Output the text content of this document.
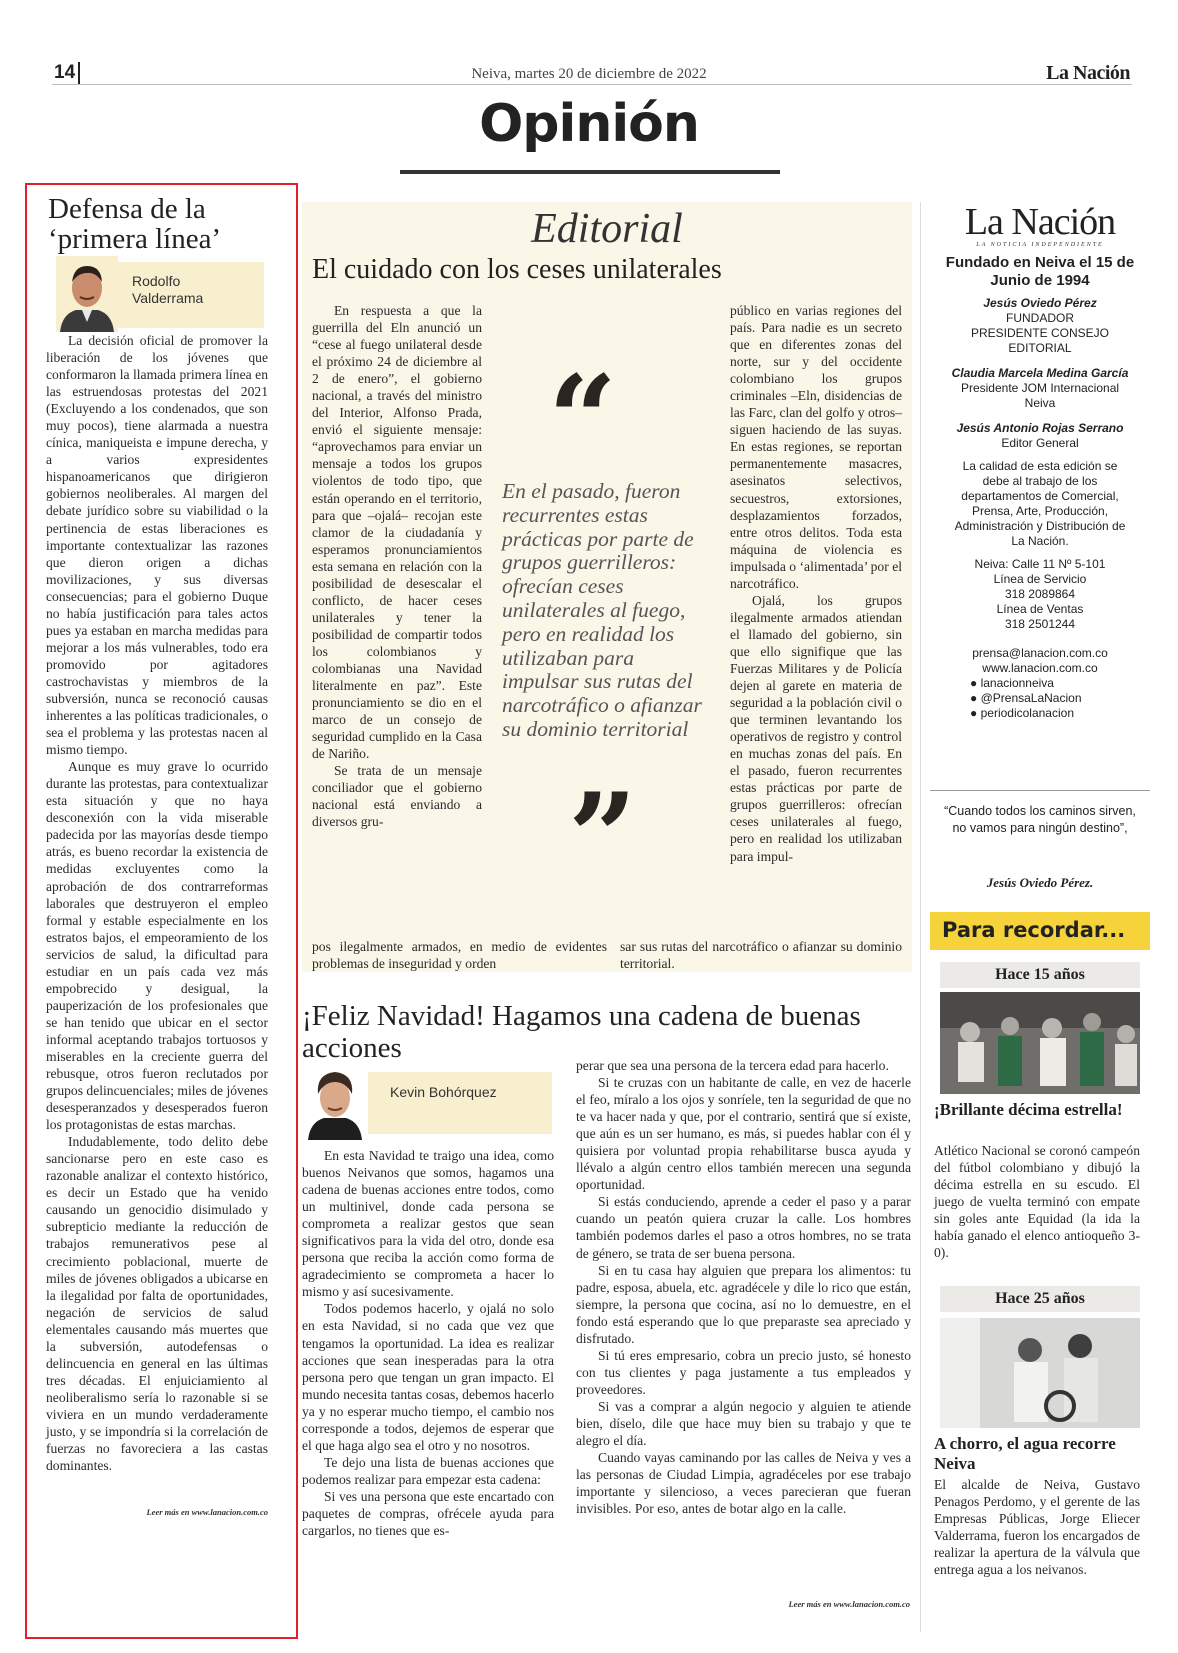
14	Neiva, martes 20 de diciembre de 2022	La Nación
Opinión
Defensa de la ‘primera línea’
Rodolfo Valderrama

La decisión oficial de promover la liberación de los jóvenes que conformaron la llamada primera línea en las estruendosas protestas del 2021 (Excluyendo a los condenados, que son muy pocos), tiene alarmada a nuestra cínica, maniqueista e impune derecha, y a varios expresidentes hispanoamericanos que dirigieron gobiernos neoliberales. Al margen del debate jurídico sobre su viabilidad o la pertinencia de estas liberaciones es importante contextualizar las razones que dieron origen a dichas movilizaciones, y sus diversas consecuencias; para el gobierno Duque no había justificación para tales actos pues ya estaban en marcha medidas para mejorar a los más vulnerables, todo era promovido por agitadores castrochavistas y miembros de la subversión, nunca se reconoció causas inherentes a las políticas tradicionales, o sea el problema y las protestas nacen al mismo tiempo.

Aunque es muy grave lo ocurrido durante las protestas, para contextualizar esta situación y que no haya desconexión con la vida miserable padecida por las mayorías desde tiempo atrás, es bueno recordar la existencia de medidas excluyentes como la aprobación de dos contrarreformas laborales que destruyeron el empleo formal y estable especialmente en los estratos bajos, el empeoramiento de los servicios de salud, la dificultad para estudiar en un país cada vez más empobrecido y desigual, la pauperización de los profesionales que se han tenido que ubicar en el sector informal aceptando trabajos tortuosos y miserables en la creciente guerra del rebusque, otros fueron reclutados por grupos delincuenciales; miles de jóvenes desesperanzados y desesperados fueron los protagonistas de estas marchas.

Indudablemente, todo delito debe sancionarse pero en este caso es razonable analizar el contexto histórico, es decir un Estado que ha venido causando un genocidio disimulado y subrepticio mediante la reducción de trabajos remunerativos pese al crecimiento poblacional, muerte de miles de jóvenes obligados a ubicarse en la ilegalidad por falta de oportunidades, negación de servicios de salud elementales causando más muertes que la subversión, autodefensas o delincuencia en general en las últimas tres décadas. El enjuiciamiento al neoliberalismo sería lo razonable si se viviera en un mundo verdaderamente justo, y se impondría si la correlación de fuerzas no favoreciera a las castas dominantes.

Leer más en www.lanacion.com.co
Editorial
El cuidado con los ceses unilaterales

En respuesta a que la guerrilla del Eln anunció un “cese al fuego unilateral desde el próximo 24 de diciembre al 2 de enero”, el gobierno nacional, a través del ministro del Interior, Alfonso Prada, envió el siguiente mensaje: “aprovechamos para enviar un mensaje a todos los grupos violentos de todo tipo, que están operando en el territorio, para que –ojalá– recojan este clamor de la ciudadanía y esperamos pronunciamientos esta semana en relación con la posibilidad de desescalar el conflicto, de hacer ceses unilaterales y tener la posibilidad de compartir todos los colombianos y colombianas una Navidad literalmente en paz”. Este pronunciamiento se dio en el marco de un consejo de seguridad cumplido en la Casa de Nariño.

Se trata de un mensaje conciliador que el gobierno nacional está enviando a diversos gru-

“
En el pasado, fueron recurrentes estas prácticas por parte de grupos guerrilleros: ofrecían ceses unilaterales al fuego, pero en realidad los utilizaban para impulsar sus rutas del narcotráfico o afianzar su dominio territorial
”

público en varias regiones del país. Para nadie es un secreto que en diferentes zonas del norte, sur y del occidente colombiano los grupos criminales –Eln, disidencias de las Farc, clan del golfo y otros– siguen haciendo de las suyas. En estas regiones, se reportan permanentemente masacres, asesinatos selectivos, secuestros, extorsiones, desplazamientos forzados, entre otros delitos. Toda esta máquina de violencia es impulsada o ‘alimentada’ por el narcotráfico.

Ojalá, los grupos ilegalmente armados atiendan el llamado del gobierno, sin que ello signifique que las Fuerzas Militares y de Policía dejen al garete en materia de seguridad a la población civil o que terminen levantando los operativos de registro y control en muchas zonas del país. En el pasado, fueron recurrentes estas prácticas por parte de grupos guerrilleros: ofrecían ceses unilaterales al fuego, pero en realidad los utilizaban para impul-

pos ilegalmente armados, en medio de evidentes problemas de inseguridad y orden
sar sus rutas del narcotráfico o afianzar su dominio territorial.
¡Feliz Navidad! Hagamos una cadena de buenas acciones
Kevin Bohórquez

En esta Navidad te traigo una idea, como buenos Neivanos que somos, hagamos una cadena de buenas acciones entre todos, como un multinivel, donde cada persona se comprometa a realizar gestos que sean significativos para la vida del otro, donde esa persona que reciba la acción como forma de agradecimiento se comprometa a hacer lo mismo y así sucesivamente.

Todos podemos hacerlo, y ojalá no solo en esta Navidad, si no cada que vez que tengamos la oportunidad. La idea es realizar acciones que sean inesperadas para la otra persona pero que tengan un gran impacto. El mundo necesita tantas cosas, debemos hacerlo ya y no esperar mucho tiempo, el cambio nos corresponde a todos, dejemos de esperar que el que haga algo sea el otro y no nosotros.

Te dejo una lista de buenas acciones que podemos realizar para empezar esta cadena:

Si ves una persona que este encartado con paquetes de compras, ofrécele ayuda para cargarlos, no tienes que es-

perar que sea una persona de la tercera edad para hacerlo.

Si te cruzas con un habitante de calle, en vez de hacerle el feo, míralo a los ojos y sonríele, ten la seguridad de que no te va hacer nada y que, por el contrario, sentirá que sí existe, que aún es un ser humano, es más, si puedes hablar con él y quisiera por voluntad propia rehabilitarse busca ayuda y llévalo a algún centro ellos también merecen una segunda oportunidad.

Si estás conduciendo, aprende a ceder el paso y a parar cuando un peatón quiera cruzar la calle. Los hombres también podemos darles el paso a otros hombres, no se trata de género, se trata de ser buena persona.

Si en tu casa hay alguien que prepara los alimentos: tu padre, esposa, abuela, etc. agradécele y dile lo rico que están, siempre, la persona que cocina, así no lo demuestre, en el fondo está esperando que lo que preparaste sea apreciado y disfrutado.

Si tú eres empresario, cobra un precio justo, sé honesto con tus clientes y paga justamente a tus empleados y proveedores.

Si vas a comprar a algún negocio y alguien te atiende bien, díselo, dile que hace muy bien su trabajo y que te alegro el día.

Cuando vayas caminando por las calles de Neiva y ves a las personas de Ciudad Limpia, agradéceles por ese trabajo importante y silencioso, a veces parecieran que fueran invisibles. Por eso, antes de botar algo en la calle.

Leer más en www.lanacion.com.co
La Nación
LA NOTICIA INDEPENDIENTE
Fundado en Neiva el 15 de Junio de 1994
Jesús Oviedo Pérez
FUNDADOR
PRESIDENTE CONSEJO EDITORIAL
Claudia Marcela Medina García
Presidente JOM Internacional Neiva
Jesús Antonio Rojas Serrano
Editor General
La calidad de esta edición se debe al trabajo de los departamentos de Comercial, Prensa, Arte, Producción, Administración y Distribución de La Nación.
Neiva: Calle 11 Nº 5-101
Línea de Servicio
318 2089864
Línea de Ventas
318 2501244
prensa@lanacion.com.co
www.lanacion.com.co
● lanacionneiva
● @PrensaLaNacion
● periodicolanacion
“Cuando todos los caminos sirven, no vamos para ningún destino”,
Jesús Oviedo Pérez.
Para recordar...
Hace 15 años
¡Brillante décima estrella!
Atlético Nacional se coronó campeón del fútbol colombiano y dibujó la décima estrella en su escudo. El juego de vuelta terminó con empate sin goles ante Equidad (la ida la había ganado el elenco antioqueño 3-0).
Hace 25 años
A chorro, el agua recorre Neiva
El alcalde de Neiva, Gustavo Penagos Perdomo, y el gerente de las Empresas Públicas, Jorge Eliecer Valderrama, fueron los encargados de realizar la apertura de la válvula que entrega agua a los neivanos.
